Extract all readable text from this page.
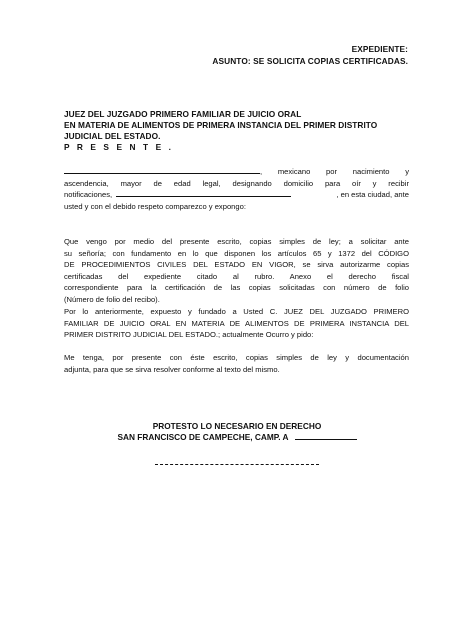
EXPEDIENTE:
ASUNTO: SE SOLICITA COPIAS CERTIFICADAS.
JUEZ DEL JUZGADO PRIMERO FAMILIAR DE JUICIO ORAL
EN MATERIA DE ALIMENTOS DE PRIMERA INSTANCIA DEL PRIMER DISTRITO
JUDICIAL DEL ESTADO.
P R E S E N T E .
, mexicano por nacimiento y
ascendencia, mayor de edad legal, designando domicilio para oír y recibir
notificaciones,	, en esta ciudad, ante
usted y con el debido respeto comparezco y expongo:
Que vengo por medio del presente escrito, copias simples de ley; a solicitar ante
su señoría; con fundamento en lo que disponen los artículos 65 y 1372 del CÓDIGO
DE PROCEDIMIENTOS CIVILES DEL ESTADO EN VIGOR, se sirva autorizarme copias
certificadas del expediente citado al rubro. Anexo el derecho fiscal
correspondiente para la certificación de las copias solicitadas con número de folio
(Número de folio del recibo).
Por lo anteriormente, expuesto y fundado a Usted C. JUEZ DEL JUZGADO PRIMERO
FAMILIAR DE JUICIO ORAL EN MATERIA DE ALIMENTOS DE PRIMERA INSTANCIA DEL
PRIMER DISTRITO JUDICIAL DEL ESTADO.; actualmente Ocurro y pido:
Me tenga, por presente con éste escrito, copias simples de ley y documentación
adjunta, para que se sirva resolver conforme al texto del mismo.
PROTESTO LO NECESARIO EN DERECHO
SAN FRANCISCO DE CAMPECHE, CAMP. A
